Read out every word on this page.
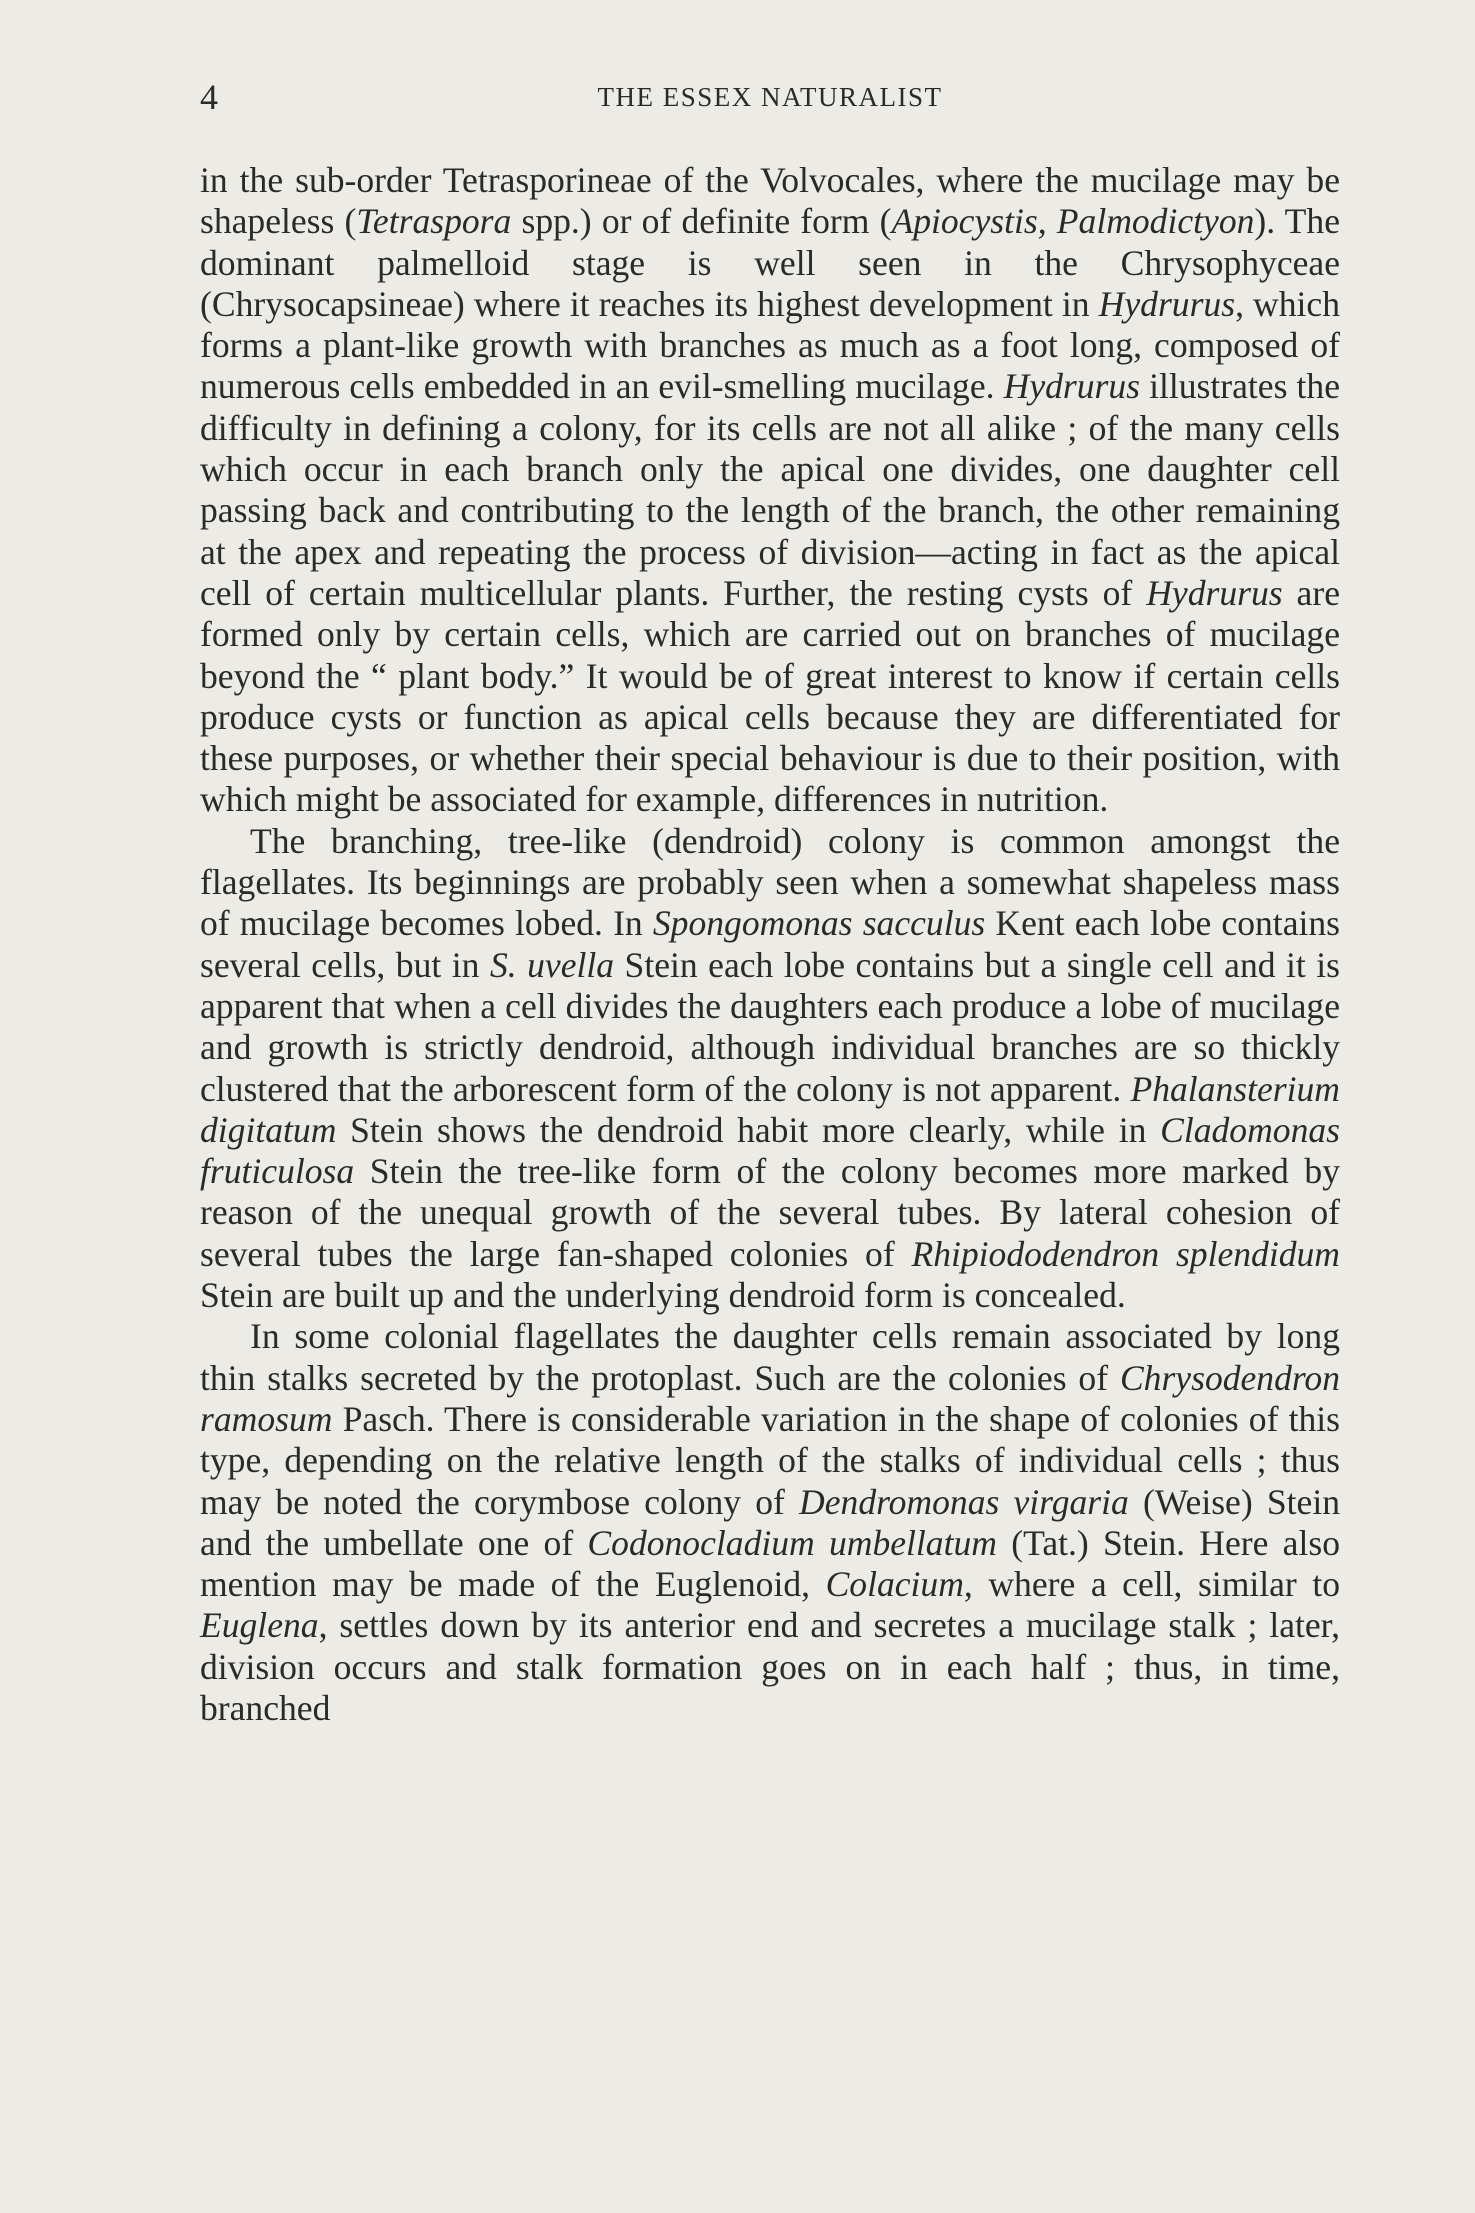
4	THE ESSEX NATURALIST

in the sub-order Tetrasporineae of the Volvocales, where the mucilage may be shapeless (Tetraspora spp.) or of definite form (Apiocystis, Palmodictyon). The dominant palmelloid stage is well seen in the Chrysophyceae (Chrysocapsineae) where it reaches its highest development in Hydrurus, which forms a plant-like growth with branches as much as a foot long, composed of numerous cells embedded in an evil-smelling mucilage. Hydrurus illustrates the difficulty in defining a colony, for its cells are not all alike ; of the many cells which occur in each branch only the apical one divides, one daughter cell passing back and contributing to the length of the branch, the other remaining at the apex and repeating the process of division—acting in fact as the apical cell of certain multicellular plants. Further, the resting cysts of Hydrurus are formed only by certain cells, which are carried out on branches of mucilage beyond the “ plant body.” It would be of great interest to know if certain cells produce cysts or function as apical cells because they are differentiated for these purposes, or whether their special behaviour is due to their position, with which might be associated for example, differences in nutrition.

The branching, tree-like (dendroid) colony is common amongst the flagellates. Its beginnings are probably seen when a somewhat shapeless mass of mucilage becomes lobed. In Spongomonas sacculus Kent each lobe contains several cells, but in S. uvella Stein each lobe contains but a single cell and it is apparent that when a cell divides the daughters each produce a lobe of mucilage and growth is strictly dendroid, although individual branches are so thickly clustered that the arborescent form of the colony is not apparent. Phalansterium digitatum Stein shows the dendroid habit more clearly, while in Cladomonas fruticulosa Stein the tree-like form of the colony becomes more marked by reason of the unequal growth of the several tubes. By lateral cohesion of several tubes the large fan-shaped colonies of Rhipiododendron splendidum Stein are built up and the underlying dendroid form is concealed.

In some colonial flagellates the daughter cells remain associated by long thin stalks secreted by the protoplast. Such are the colonies of Chrysodendron ramosum Pasch. There is considerable variation in the shape of colonies of this type, depending on the relative length of the stalks of individual cells ; thus may be noted the corymbose colony of Dendromonas virgaria (Weise) Stein and the umbellate one of Codonocladium umbellatum (Tat.) Stein. Here also mention may be made of the Euglenoid, Colacium, where a cell, similar to Euglena, settles down by its anterior end and secretes a mucilage stalk ; later, division occurs and stalk formation goes on in each half ; thus, in time, branched
